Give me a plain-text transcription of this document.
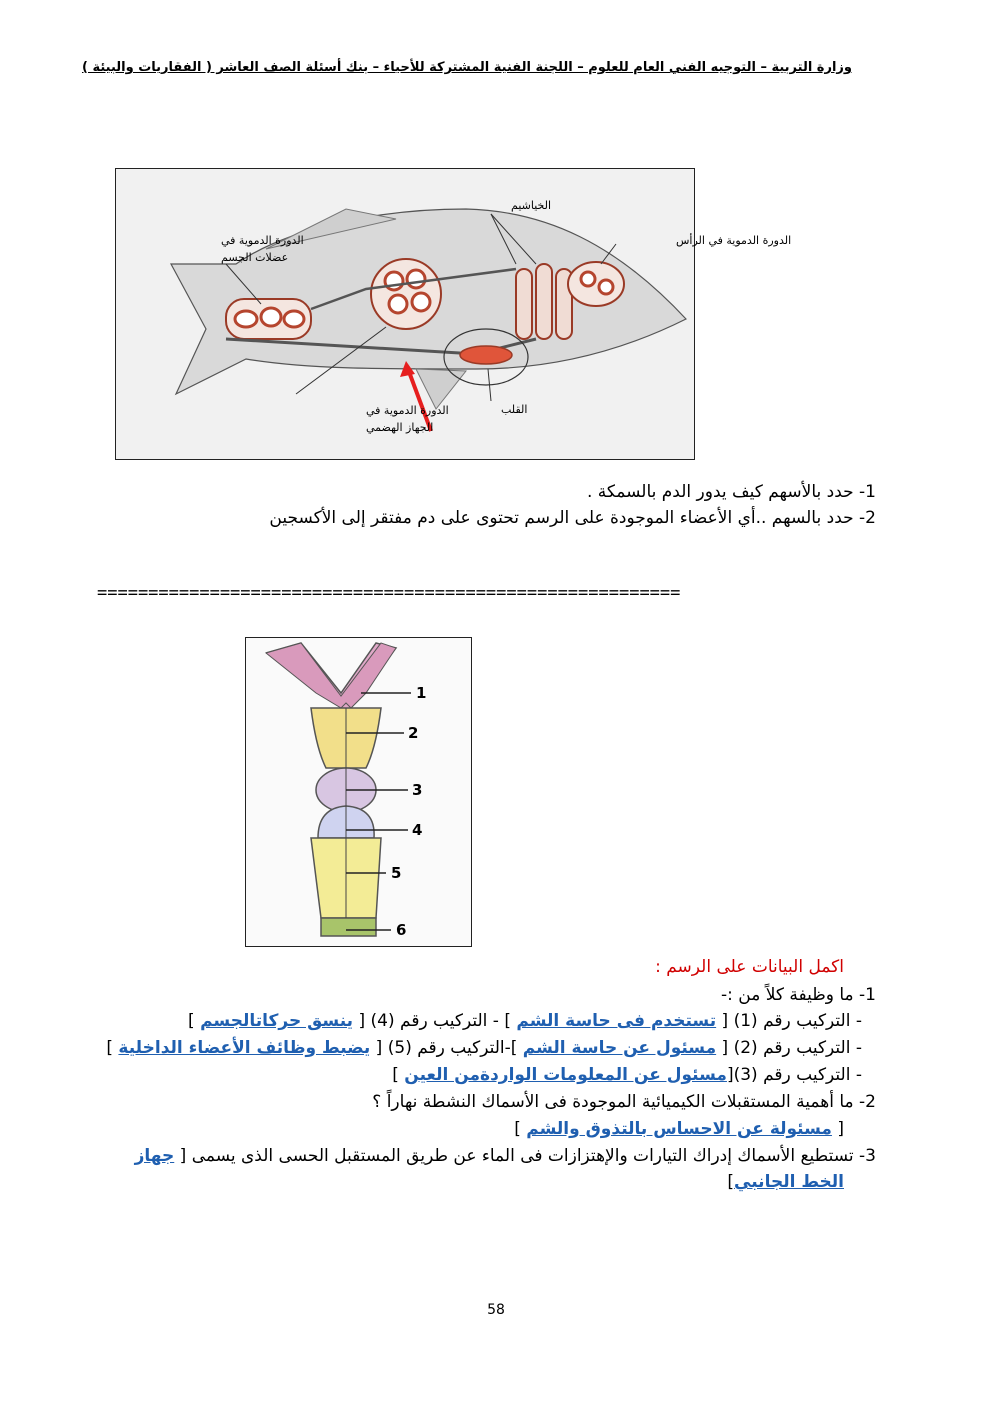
وزارة التربية – التوجيه الفني العام للعلوم – اللجنة الفنية المشتركة للأحياء – بنك أسئلة الصف العاشر ( الفقاريات والبيئة )
الخياشيم
الدورة الدموية في الرأس
الدورة الدموية في
عضلات الجسم
الدورة الدموية في
الجهاز الهضمي
القلب
1- حدد بالأسهم كيف يدور الدم بالسمكة .
2- حدد بالسهم ..أي الأعضاء الموجودة على الرسم تحتوى على دم مفتقر إلى الأكسجين
=========================================================
1
2
3
4
5
6
اكمل البيانات على الرسم :
1- ما وظيفة كلاً من :-
- التركيب رقم (1) [ تستخدم فى حاسة الشم ] - التركيب رقم (4) [ ينسق حركاتالجسم ]
- التركيب رقم (2) [ مسئول عن حاسة الشم ]-التركيب رقم (5) [ يضبط وظائف الأعضاء الداخلية ]
- التركيب رقم (3)[مسئول عن المعلومات الواردةمن العين ]
2- ما أهمية المستقبلات الكيميائية الموجودة فى الأسماك النشطة نهاراً ؟
[ مسئولة عن الاحساس بالتذوق والشم ]
3- تستطيع الأسماك إدراك التيارات والإهتزازات فى الماء عن طريق المستقبل الحسى الذى يسمى [ جهاز
الخط الجانبي]
58
